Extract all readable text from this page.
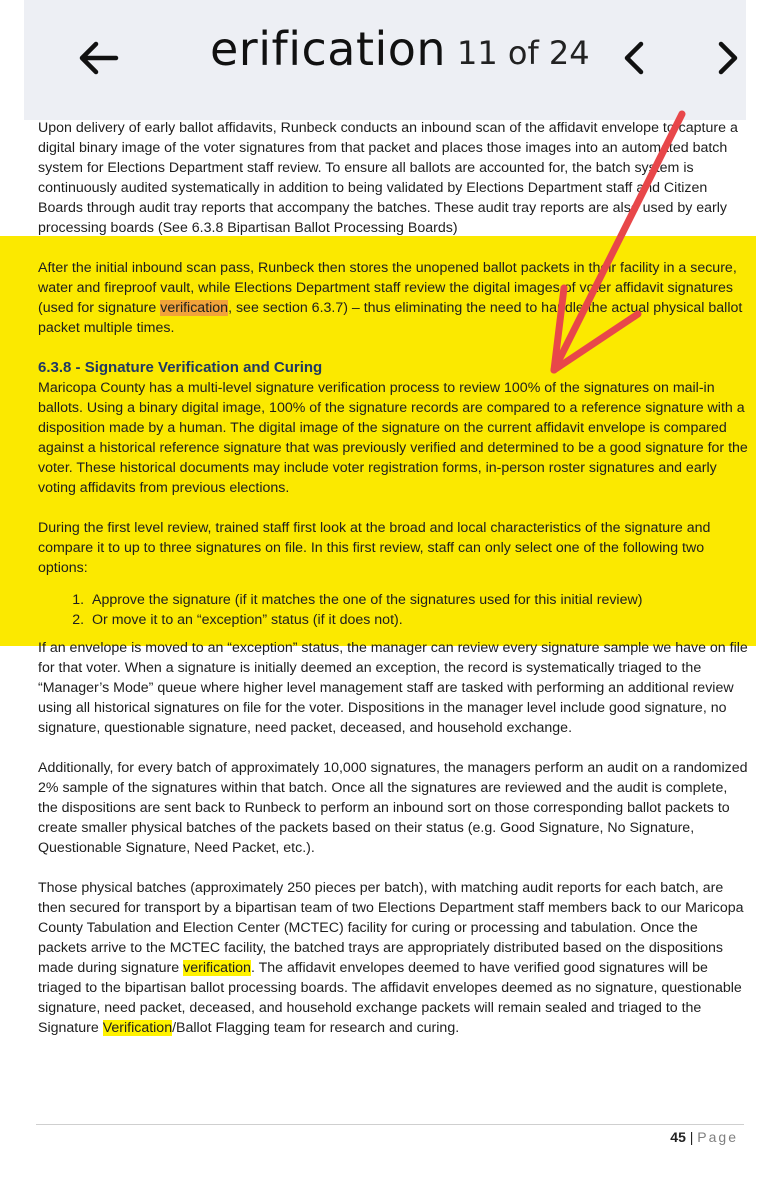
erification 11 of 24

Upon delivery of early ballot affidavits, Runbeck conducts an inbound scan of the affidavit envelope to capture a digital binary image of the voter signatures from that packet and places those images into an automated batch system for Elections Department staff review. To ensure all ballots are accounted for, the batch system is continuously audited systematically in addition to being validated by Elections Department staff and Citizen Boards through audit tray reports that accompany the batches. These audit tray reports are also used by early processing boards (See 6.3.8 Bipartisan Ballot Processing Boards)

After the initial inbound scan pass, Runbeck then stores the unopened ballot packets in their facility in a secure, water and fireproof vault, while Elections Department staff review the digital images of voter affidavit signatures (used for signature verification, see section 6.3.7) – thus eliminating the need to handle the actual physical ballot packet multiple times.

6.3.8 - Signature Verification and Curing

Maricopa County has a multi-level signature verification process to review 100% of the signatures on mail-in ballots. Using a binary digital image, 100% of the signature records are compared to a reference signature with a disposition made by a human. The digital image of the signature on the current affidavit envelope is compared against a historical reference signature that was previously verified and determined to be a good signature for the voter. These historical documents may include voter registration forms, in-person roster signatures and early voting affidavits from previous elections.

During the first level review, trained staff first look at the broad and local characteristics of the signature and compare it to up to three signatures on file. In this first review, staff can only select one of the following two options:

1. Approve the signature (if it matches the one of the signatures used for this initial review)
2. Or move it to an “exception” status (if it does not).

If an envelope is moved to an “exception” status, the manager can review every signature sample we have on file for that voter. When a signature is initially deemed an exception, the record is systematically triaged to the “Manager’s Mode” queue where higher level management staff are tasked with performing an additional review using all historical signatures on file for the voter. Dispositions in the manager level include good signature, no signature, questionable signature, need packet, deceased, and household exchange.

Additionally, for every batch of approximately 10,000 signatures, the managers perform an audit on a randomized 2% sample of the signatures within that batch. Once all the signatures are reviewed and the audit is complete, the dispositions are sent back to Runbeck to perform an inbound sort on those corresponding ballot packets to create smaller physical batches of the packets based on their status (e.g. Good Signature, No Signature, Questionable Signature, Need Packet, etc.).

Those physical batches (approximately 250 pieces per batch), with matching audit reports for each batch, are then secured for transport by a bipartisan team of two Elections Department staff members back to our Maricopa County Tabulation and Election Center (MCTEC) facility for curing or processing and tabulation. Once the packets arrive to the MCTEC facility, the batched trays are appropriately distributed based on the dispositions made during signature verification. The affidavit envelopes deemed to have verified good signatures will be triaged to the bipartisan ballot processing boards. The affidavit envelopes deemed as no signature, questionable signature, need packet, deceased, and household exchange packets will remain sealed and triaged to the Signature Verification/Ballot Flagging team for research and curing.

45 | Page
